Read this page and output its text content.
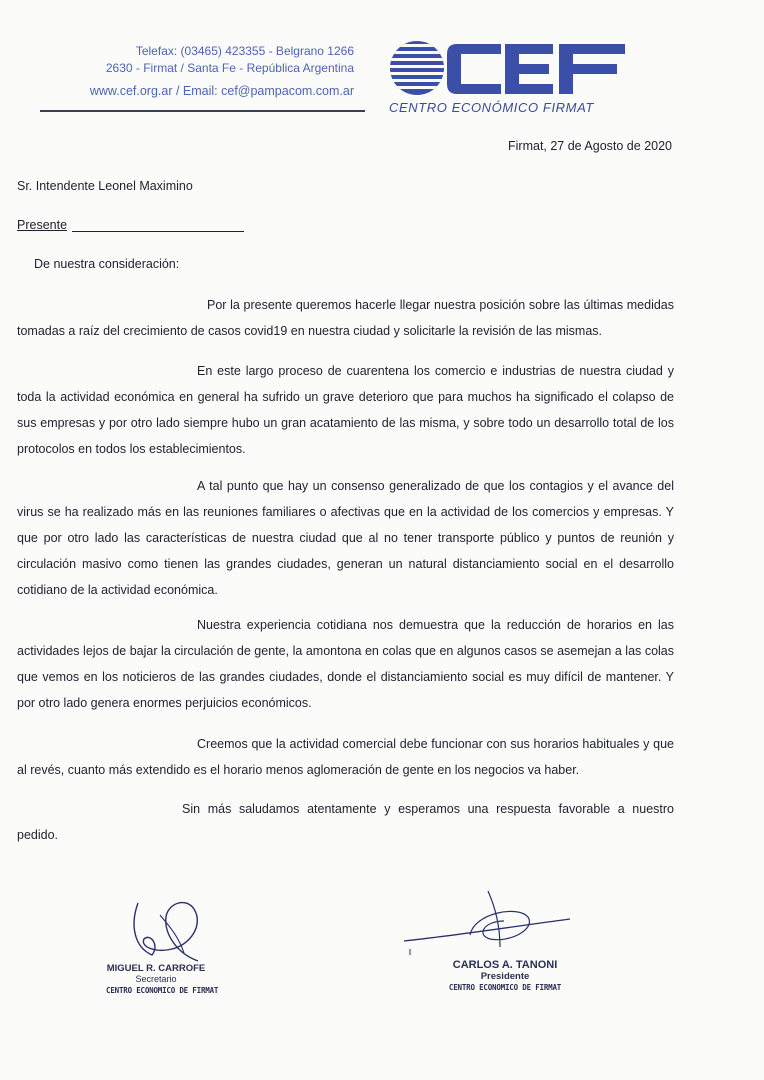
Telefax: (03465) 423355 - Belgrano 1266
2630 - Firmat / Santa Fe - República Argentina
www.cef.org.ar / Email: cef@pampacom.com.ar
CENTRO ECONÓMICO FIRMAT
Firmat, 27 de Agosto de 2020
Sr. Intendente Leonel Maximino
Presente
De nuestra consideración:
Por la presente queremos hacerle llegar nuestra posición sobre las últimas medidas tomadas a raíz del crecimiento de casos covid19 en nuestra ciudad y solicitarle la revisión de las mismas.
En este largo proceso de cuarentena los comercio e industrias de nuestra ciudad y toda la actividad económica en general ha sufrido un grave deterioro que para muchos ha significado el colapso de sus empresas y por otro lado siempre hubo un gran acatamiento de las misma, y sobre todo un desarrollo total de los protocolos en todos los establecimientos.
A tal punto que hay un consenso generalizado de que los contagios y el avance del virus se ha realizado más en las reuniones familiares o afectivas que en la actividad de los comercios y empresas. Y que por otro lado las características de nuestra ciudad que al no tener transporte público y puntos de reunión y circulación masivo como tienen las grandes ciudades, generan un natural distanciamiento social en el desarrollo cotidiano de la actividad económica.
Nuestra experiencia cotidiana nos demuestra que la reducción de horarios en las actividades lejos de bajar la circulación de gente, la amontona en colas que en algunos casos se asemejan a las colas que vemos en los noticieros de las grandes ciudades, donde el distanciamiento social es muy difícil de mantener. Y por otro lado genera enormes perjuicios económicos.
Creemos que la actividad comercial debe funcionar con sus horarios habituales y que al revés, cuanto más extendido es el horario menos aglomeración de gente en los negocios va haber.
Sin más saludamos atentamente y esperamos una respuesta favorable a nuestro pedido.
MIGUEL R. CARROFE
Secretario
CENTRO ECONOMICO DE FIRMAT
CARLOS A. TANONI
Presidente
CENTRO ECONOMICO DE FIRMAT
